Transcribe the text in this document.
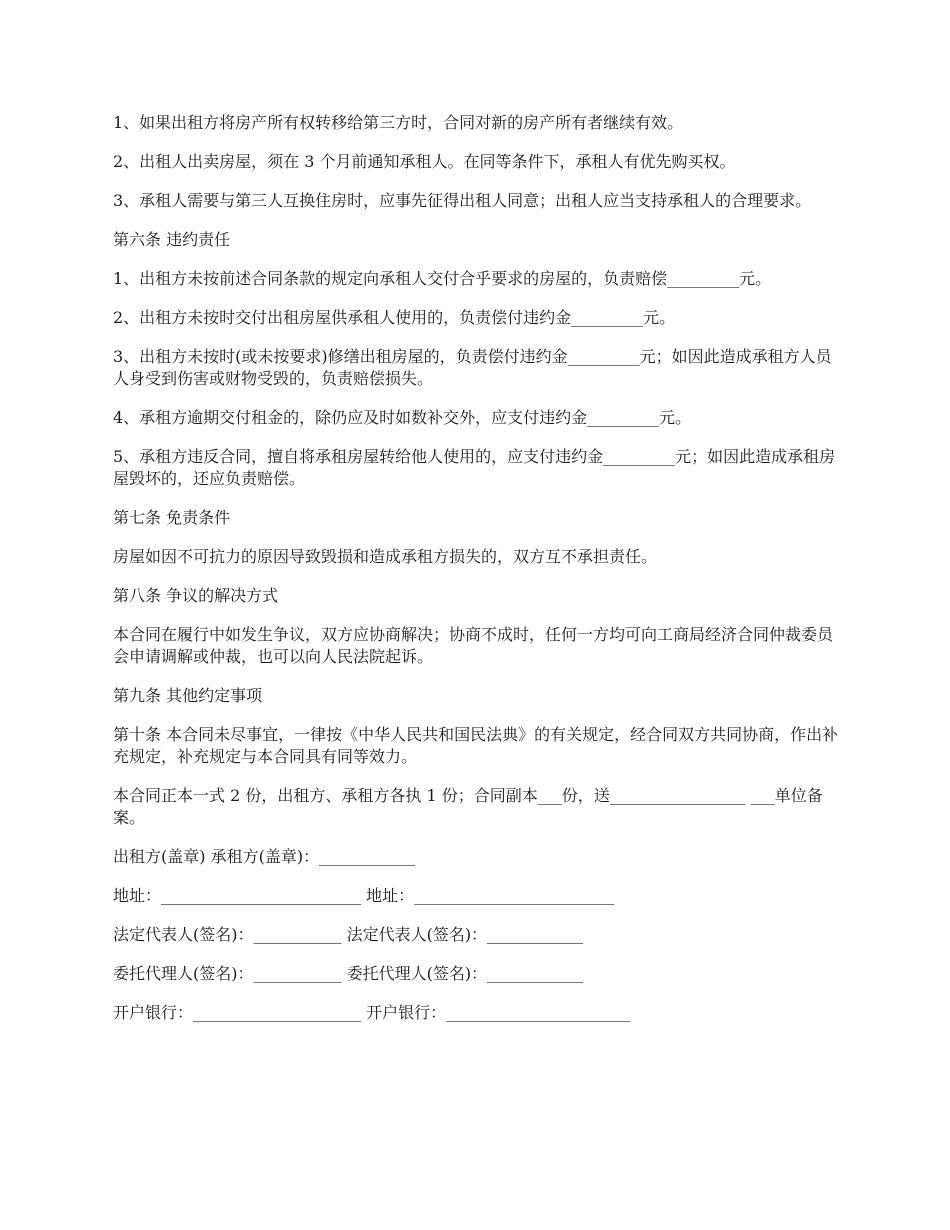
1、如果出租方将房产所有权转移给第三方时，合同对新的房产所有者继续有效。

2、出租人出卖房屋，须在 3 个月前通知承租人。在同等条件下，承租人有优先购买权。

3、承租人需要与第三人互换住房时，应事先征得出租人同意；出租人应当支持承租人的合理要求。

第六条 违约责任

1、出租方未按前述合同条款的规定向承租人交付合乎要求的房屋的，负责赔偿_________元。

2、出租方未按时交付出租房屋供承租人使用的，负责偿付违约金_________元。

3、出租方未按时(或未按要求)修缮出租房屋的，负责偿付违约金_________元；如因此造成承租方人员人身受到伤害或财物受毁的，负责赔偿损失。

4、承租方逾期交付租金的，除仍应及时如数补交外，应支付违约金_________元。

5、承租方违反合同，擅自将承租房屋转给他人使用的，应支付违约金_________元；如因此造成承租房屋毁坏的，还应负责赔偿。

第七条 免责条件

房屋如因不可抗力的原因导致毁损和造成承租方损失的，双方互不承担责任。

第八条 争议的解决方式

本合同在履行中如发生争议，双方应协商解决；协商不成时，任何一方均可向工商局经济合同仲裁委员会申请调解或仲裁，也可以向人民法院起诉。

第九条 其他约定事项

第十条 本合同未尽事宜，一律按《中华人民共和国民法典》的有关规定，经合同双方共同协商，作出补充规定，补充规定与本合同具有同等效力。

本合同正本一式 2 份，出租方、承租方各执 1 份；合同副本___份，送_________________ ___单位备案。

出租方(盖章) 承租方(盖章)：____________

地址：_________________________ 地址：_________________________

法定代表人(签名)：___________ 法定代表人(签名)：____________

委托代理人(签名)：___________ 委托代理人(签名)：____________

开户银行：_____________________ 开户银行：_______________________
